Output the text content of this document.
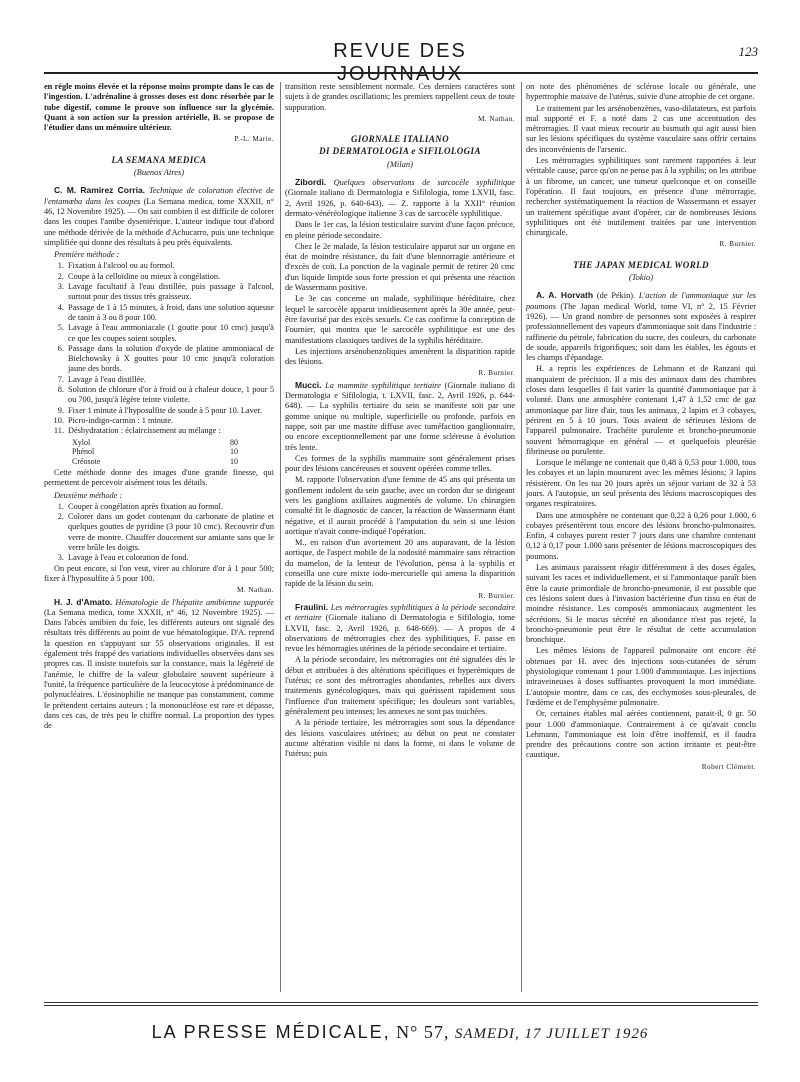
REVUE DES JOURNAUX
123

en règle moins élevée et la réponse moins prompte dans le cas de l'ingestion. L'adrénaline à grosses doses est donc résorbée par le tube digestif, comme le prouve son influence sur la glycémie. Quant à son action sur la pression artérielle, B. se propose de l'étudier dans un mémoire ultérieur.

P.-L. Marie.

LA SEMANA MEDICA
(Buenos Aires)

C. M. Ramirez Corria. Technique de coloration élective de l'entamœba dans les coupes (La Semana medica, tome XXXII, n° 46, 12 Novembre 1925). — On sait combien il est difficile de colorer dans les coupes l'amibe dysentérique. L'auteur indique tout d'abord une méthode dérivée de la méthode d'Achucarro, puis une technique simplifiée qui donne des résultats à peu près équivalents.

Première méthode :
1. Fixation à l'alcool ou au formol.
2. Coupe à la celloïdine ou mieux à congélation.
3. Lavage facultatif à l'eau distillée, puis passage à l'alcool, surtout pour des tissus très graisseux.
4. Passage de 1 à 15 minutes, à froid, dans une solution aqueuse de tanin à 3 ou 8 pour 100.
5. Lavage à l'eau ammoniacale (1 goutte pour 10 cmc) jusqu'à ce que les coupes soient souples.
6. Passage dans la solution d'oxyde de platine ammoniacal de Bielchowsky à X gouttes pour 10 cmc jusqu'à coloration jaune des bords.
7. Lavage à l'eau distillée.
8. Solution de chlorure d'or à froid ou à chaleur douce, 1 pour 5 ou 700, jusqu'à légère teinte violette.
9. Fixer 1 minute à l'hyposulfite de soude à 5 pour 10. Laver.
10. Picro-indigo-carmin : 1 minute.
11. Déshydratation : éclaircissement au mélange :
Xylol	80
Phénol	10
Créosote	10

Cette méthode donne des images d'une grande finesse, qui permettent de percevoir aisément tous les détails.

Deuxième méthode :
1. Couper à congélation après fixation au formol.
2. Colorer dans un godet contenant du carbonate de platine et quelques gouttes de pyridine (3 pour 10 cmc). Recouvrir d'un verre de montre. Chauffer doucement sur amiante sans que le verre brûle les doigts.
3. Lavage à l'eau et coloration de fond.

On peut encore, si l'on veut, virer au chlorure d'or à 1 pour 500; fixer à l'hyposulfite à 5 pour 100.

M. Nathan.

H. J. d'Amato. Hématologie de l'hépatite amibienne suppurée (La Semana medica, tome XXXII, n° 46, 12 Novembre 1925). — Dans l'abcès amibien du foie, les différents auteurs ont signalé des résultats très différents au point de vue hématologique. D'A. reprend la question en s'appuyant sur 55 observations originales. Il est également très frappé des variations individuelles observées dans ses propres cas. Il insiste toutefois sur la constance, mais la légèreté de l'anémie, le chiffre de la valeur globulaire souvent supérieure à l'unité, la fréquence particulière de la leucocytose à prédominance de polynucléaires. L'éosinophilie ne manque pas constamment, comme le prétendent certains auteurs ; la mononucléose est rare et dépasse, dans ces cas, de très peu le chiffre normal. La proportion des types de

transition reste sensiblement normale. Ces derniers caractères sont sujets à de grandes oscillations; les premiers rappellent ceux de toute suppuration.

M. Nathan.

GIORNALE ITALIANO
DI DERMATOLOGIA e SIFILOLOGIA
(Milan)

Zibordi. Quelques observations de sarcocèle syphilitique (Giornale italiano di Dermatologia e Sifilologia, tome LXVII, fasc. 2, Avril 1926, p. 640-643). — Z. rapporte à la XXII° réunion dermato-vénéréologique italienne 3 cas de sarcocèle syphilitique.

Dans le 1er cas, la lésion testiculaire survint d'une façon précoce, en pleine période secondaire.

Chez le 2e malade, la lésion testiculaire apparut sur un organe en état de moindre résistance, du fait d'une blennorragie antérieure et d'excès de coït. La ponction de la vaginale permit de retirer 20 cmc d'un liquide limpide sous forte pression et qui présenta une réaction de Wassermann positive.

Le 3e cas concerne un malade, syphilitique héréditaire, chez lequel le sarcocèle apparut insidieusement après la 30e année, peut-être favorisé par des excès sexuels. Ce cas confirme la conception de Fournier, qui montra que le sarcocèle syphilitique est une des manifestations classiques tardives de la syphilis héréditaire.

Les injections arsénobenzoliques amenèrent la disparition rapide des lésions.

R. Burnier.

Mucci. La mammite syphilitique tertiaire (Giornale italiano di Dermatologia e Sifilologia, t. LXVII, fasc. 2, Avril 1926, p. 644-648). — La syphilis tertiaire du sein se manifeste soit par une gomme unique ou multiple, superficielle ou profonde, parfois en nappe, soit par une mastite diffuse avec tuméfaction ganglionnaire, ou encore exceptionnellement par une forme scléreuse à évolution très lente.

Ces formes de la syphilis mammaire sont généralement prises pour des lésions cancéreuses et souvent opérées comme telles.

M. rapporte l'observation d'une femme de 45 ans qui présenta un gonflement indolent du sein gauche, avec un cordon dur se dirigeant vers les ganglions axillaires augmentés de volume. Un chirurgien consulté fit le diagnostic de cancer, la réaction de Wassermann étant négative, et il aurait procédé à l'amputation du sein si une lésion aortique n'avait contre-indiqué l'opération.

M., en raison d'un avortement 20 ans auparavant, de la lésion aortique, de l'aspect mobile de la nodosité mammaire sans rétraction du mamelon, de la lenteur de l'évolution, pensa à la syphilis et conseilla une cure mixte iodo-mercurielle qui amena la disparition rapide de la lésion du sein.

R. Burnier.

Fraulini. Les métrorragies syphilitiques à la période secondaire et tertiaire (Giornale italiano di Dermatologia e Sifilologia, tome LXVII, fasc. 2, Avril 1926, p. 648-669). — A propos de 4 observations de métrorragies chez des syphilitiques, F. passe en revue les hémorragies utérines de la période secondaire et tertiaire.

A la période secondaire, les métrorragies ont été signalées dès le début et attribuées à des altérations spécifiques et hyperémiques de l'utérus; ce sont des métrorragies abondantes, rebelles aux divers traitements gynécologiques, mais qui guérissent rapidement sous l'influence d'un traitement spécifique; les douleurs sont variables, généralement peu intenses; les annexes ne sont pas touchées.

A la période tertiaire, les métrorragies sont sous la dépendance des lésions vasculaires utérines; au début on peut ne constater aucune altération visible ni dans la forme, ni dans le volume de l'utérus; puis

on note des phénomènes de sclérose locale ou générale, une hypertrophie massive de l'utérus, suivie d'une atrophie de cet organe.

Le traitement par les arsénobenzènes, vaso-dilatateurs, est parfois mal supporté et F. a noté dans 2 cas une accentuation des métrorragies. Il vaut mieux recourir au bismuth qui agit aussi bien sur les lésions spécifiques du système vasculaire sans offrir certains des inconvénients de l'arsenic.

Les métrorragies syphilitiques sont rarement rapportées à leur véritable cause, parce qu'on ne pense pas à la syphilis; on les attribue à un fibrome, un cancer, une tumeur quelconque et on conseille l'opération. Il faut toujours, en présence d'une métrorragie, rechercher systématiquement la réaction de Wassermann et essayer un traitement spécifique avant d'opérer, car de nombreuses lésions syphilitiques ont été inutilement traitées par une intervention chirurgicale.

R. Burnier.

THE JAPAN MEDICAL WORLD
(Tokio)

A. A. Horvath (de Pékin). L'action de l'ammoniaque sur les poumons (The Japan medical World, tome VI, n° 2, 15 Février 1926). — Un grand nombre de personnes sont exposées à respirer professionnellement des vapeurs d'ammoniaque soit dans l'industrie : raffinerie du pétrole, fabrication du sucre, des couleurs, du carbonate de soude, appareils frigorifiques; soit dans les étables, les égouts et les champs d'épandage.

H. a repris les expériences de Lehmann et de Ranzani qui manquaient de précision. Il a mis des animaux dans des chambres closes dans lesquelles il fait varier la quantité d'ammoniaque par à volonté. Dans une atmosphère contenant 1,47 à 1,52 cmc de gaz ammoniaque par litre d'air, tous les animaux, 2 lapins et 3 cobayes, périrent en 5 à 10 jours. Tous avaient de sérieuses lésions de l'appareil pulmonaire. Trachéite purulente et broncho-pneumonie souvent hémorragique en général — et quelquefois pleurésie fibrineuse ou purulente.

Lorsque le mélange ne contenait que 0,48 à 0,53 pour 1.000, tous les cobayes et un lapin moururent avec les mêmes lésions; 3 lapins résistèrent. On les tua 20 jours après un séjour variant de 32 à 53 jours. A l'autopsie, un seul présenta des lésions macroscopiques des organes respiratoires.

Dans une atmosphère ne contenant que 0,22 à 0,26 pour 1.000, 6 cobayes présentèrent tous encore des lésions broncho-pulmonaires. Enfin, 4 cobayes purent rester 7 jours dans une chambre contenant 0,12 à 0,17 pour 1.000 sans présenter de lésions macroscopiques des poumons.

Les animaux paraissent réagir différemment à des doses égales, suivant les races et individuellement, et si l'ammoniaque paraît bien être la cause primordiale de broncho-pneumonie, il est possible que ces lésions soient dues à l'invasion bactérienne d'un tissu en état de moindre résistance. Les composés ammoniacaux augmentent les sécrétions. Si le mucus sécrété en abondance n'est pas rejeté, la broncho-pneumonie peut être le résultat de cette accumulation bronchique.

Les mêmes lésions de l'appareil pulmonaire ont encore été obtenues par H. avec des injections sous-cutanées de sérum physiologique contenant 1 pour 1.000 d'ammoniaque. Les injections intraveineuses à doses suffisantes provoquent la mort immédiate. L'autopsie montre, dans ce cas, des ecchymoses sous-pleurales, de l'œdème et de l'emphysème pulmonaire.

Or, certaines étables mal aérées contiennent, parait-il, 0 gr. 50 pour 1.000 d'ammoniaque. Contrairement à ce qu'avait conclu Lehmann, l'ammoniaque est loin d'être inoffensif, et il faudra prendre des précautions contre son action irritante et peut-être caustique.

Robert Clément.

LA PRESSE MÉDICALE, N° 57, SAMEDI, 17 JUILLET 1926
